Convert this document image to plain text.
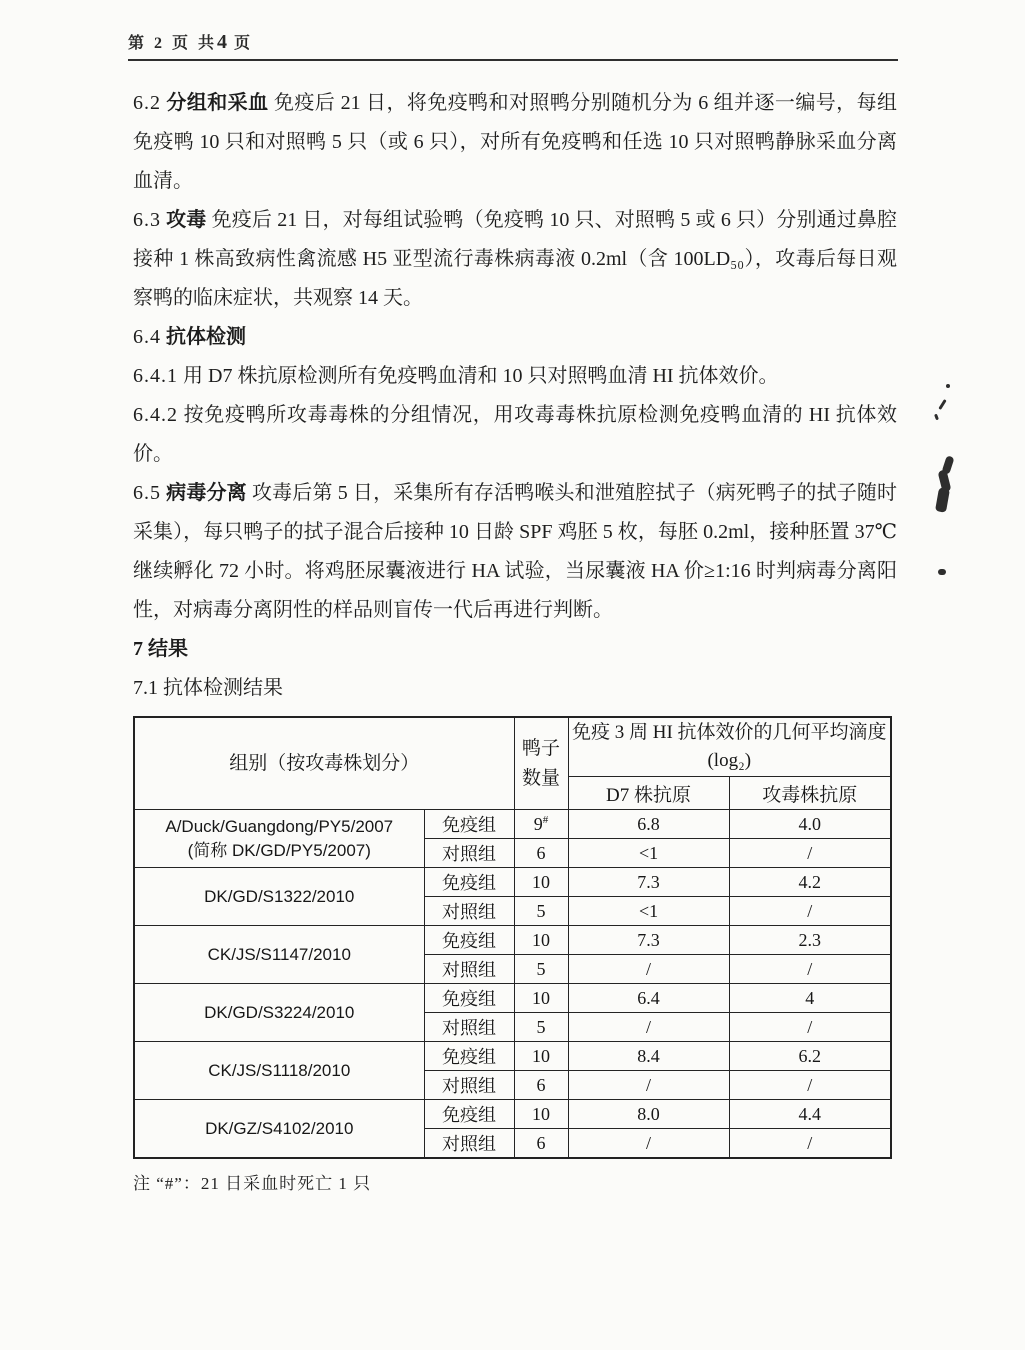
第 2 页 共4 页

6.2 分组和采血 免疫后 21 日，将免疫鸭和对照鸭分别随机分为 6 组并逐一编号，每组免疫鸭 10 只和对照鸭 5 只（或 6 只），对所有免疫鸭和任选 10 只对照鸭静脉采血分离血清。

6.3 攻毒 免疫后 21 日，对每组试验鸭（免疫鸭 10 只、对照鸭 5 或 6 只）分别通过鼻腔接种 1 株高致病性禽流感 H5 亚型流行毒株病毒液 0.2ml（含 100LD₅₀），攻毒后每日观察鸭的临床症状，共观察 14 天。

6.4 抗体检测

6.4.1 用 D7 株抗原检测所有免疫鸭血清和 10 只对照鸭血清 HI 抗体效价。

6.4.2 按免疫鸭所攻毒毒株的分组情况，用攻毒毒株抗原检测免疫鸭血清的 HI 抗体效价。

6.5 病毒分离 攻毒后第 5 日，采集所有存活鸭喉头和泄殖腔拭子（病死鸭子的拭子随时采集），每只鸭子的拭子混合后接种 10 日龄 SPF 鸡胚 5 枚，每胚 0.2ml，接种胚置 37℃继续孵化 72 小时。将鸡胚尿囊液进行 HA 试验，当尿囊液 HA 价≥1:16 时判病毒分离阳性，对病毒分离阴性的样品则盲传一代后再进行判断。

7 结果

7.1 抗体检测结果

组别（按攻毒株划分）		鸭子数量	免疫 3 周 HI 抗体效价的几何平均滴度(log₂)	
			D7 株抗原	攻毒株抗原

A/Duck/Guangdong/PY5/2007
(简称 DK/GD/PY5/2007)	免疫组	9#	6.8	4.0
	对照组	6	<1	/

DK/GD/S1322/2010	免疫组	10	7.3	4.2
	对照组	5	<1	/

CK/JS/S1147/2010	免疫组	10	7.3	2.3
	对照组	5	/	/

DK/GD/S3224/2010	免疫组	10	6.4	4
	对照组	5	/	/

CK/JS/S1118/2010	免疫组	10	8.4	6.2
	对照组	6	/	/

DK/GZ/S4102/2010	免疫组	10	8.0	4.4
	对照组	6	/	/

注 “#”：21 日采血时死亡 1 只
